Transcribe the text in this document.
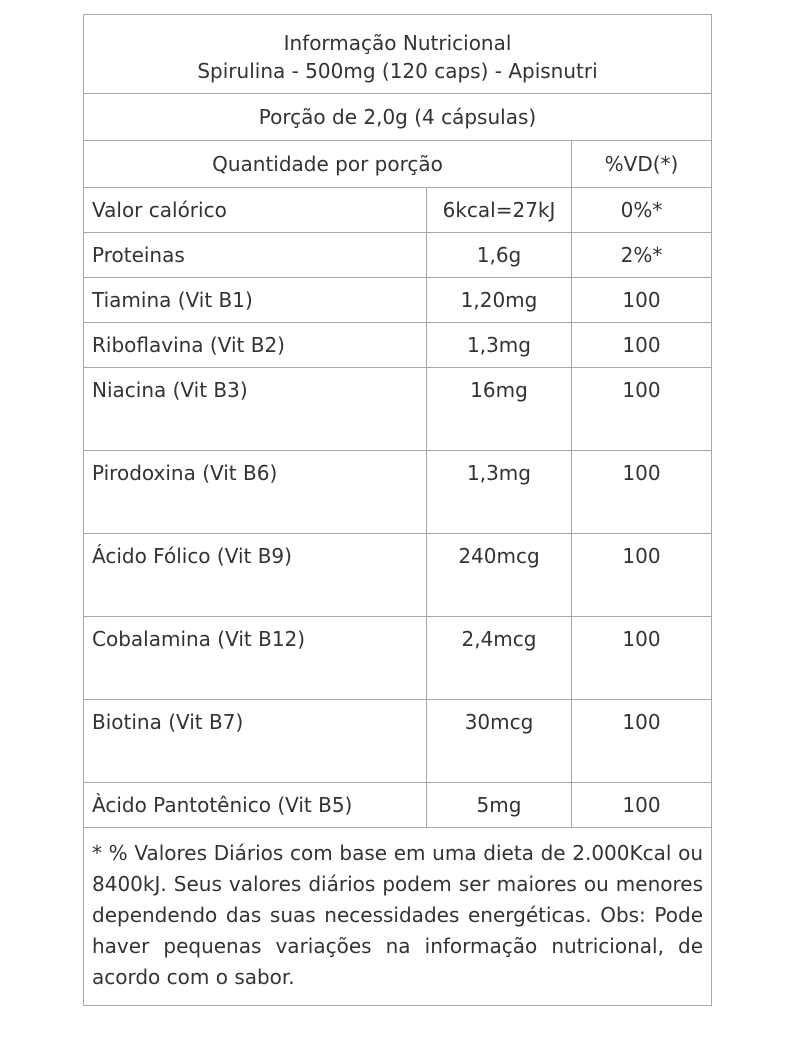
Informação Nutricional
Spirulina - 500mg (120 caps) - Apisnutri		

Porção de 2,0g (4 cápsulas)		
Quantidade por porção		%VD(*)
Valor calórico	6kcal=27kJ	0%*
Proteinas	1,6g	2%*
Tiamina (Vit B1)	1,20mg	100
Riboflavina (Vit B2)	1,3mg	100
Niacina (Vit B3)	16mg	100
Pirodoxina (Vit B6)	1,3mg	100
Ácido Fólico (Vit B9)	240mcg	100
Cobalamina (Vit B12)	2,4mcg	100
Biotina (Vit B7)	30mcg	100
Àcido Pantotênico (Vit B5)	5mg	100
* % Valores Diários com base em uma dieta de 2.000Kcal ou 8400kJ. Seus valores diários podem ser maiores ou menores dependendo das suas necessidades energéticas. Obs: Pode haver pequenas variações na informação nutricional, de acordo com o sabor.		
